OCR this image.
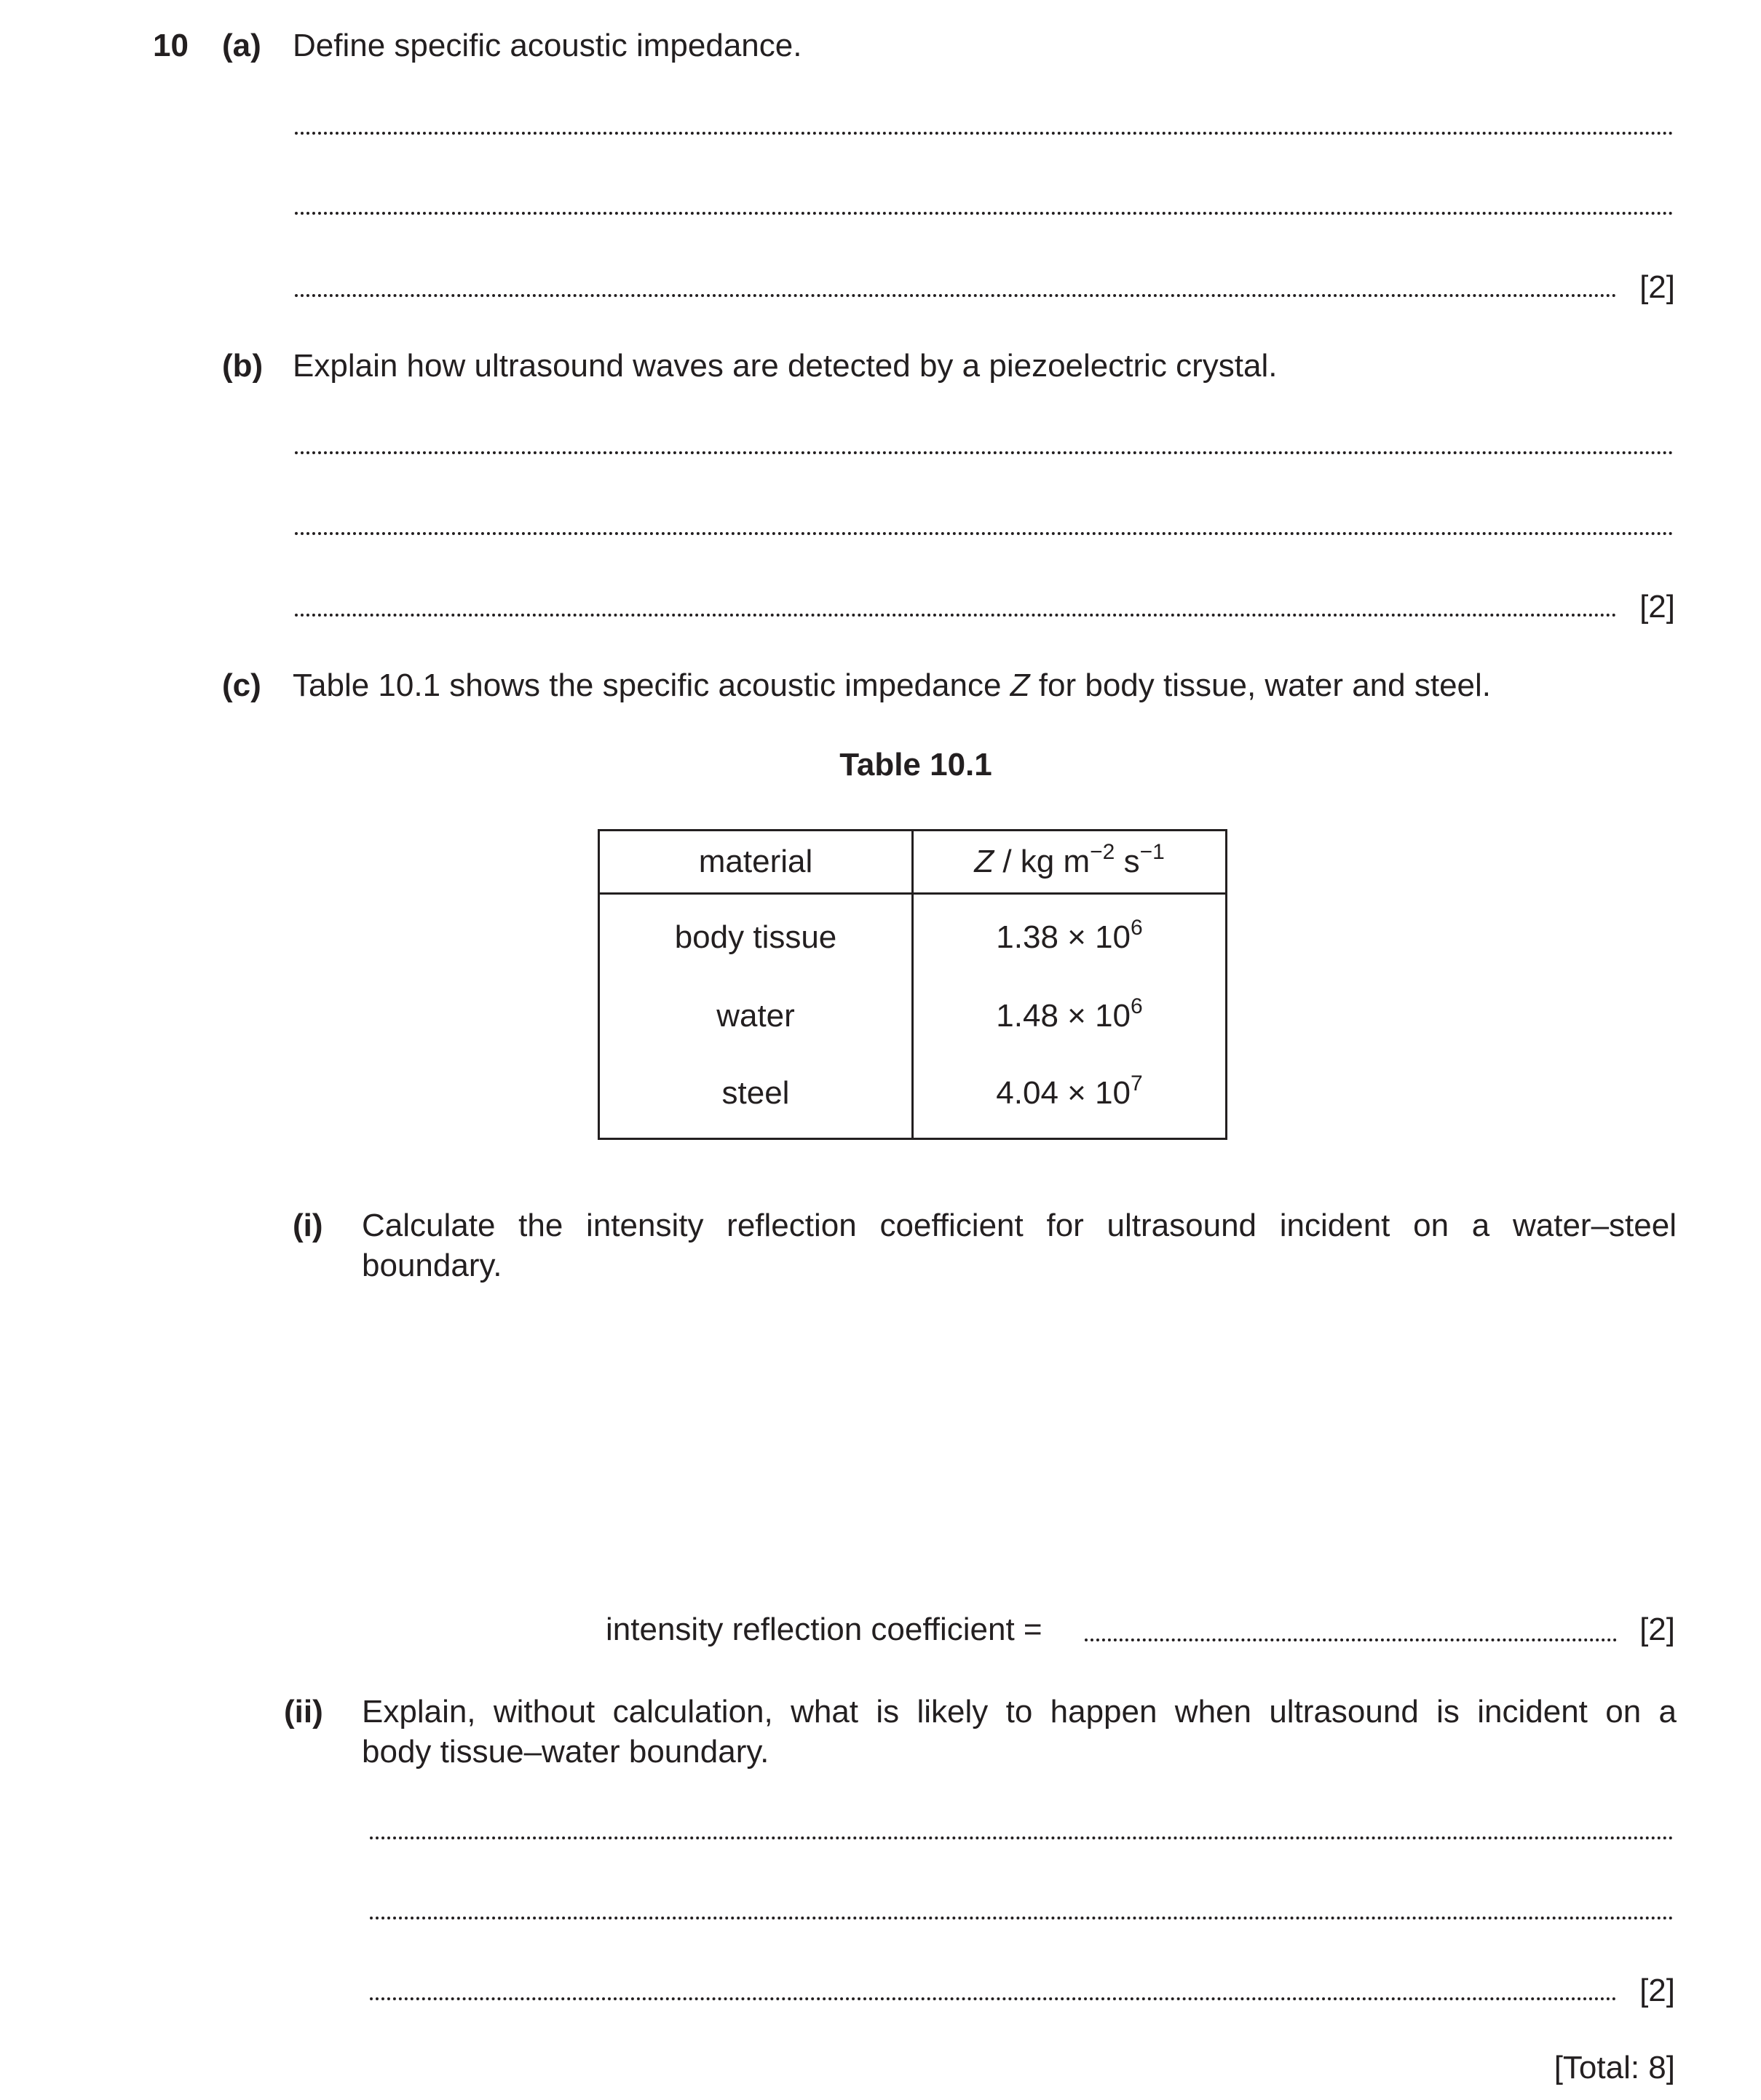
10 (a) Define specific acoustic impedance.
[2]
(b) Explain how ultrasound waves are detected by a piezoelectric crystal.
[2]
(c) Table 10.1 shows the specific acoustic impedance Z for body tissue, water and steel.
Table 10.1
material	Z / kg $m^{-2}$ $s^{-1}$
body tissue	$1.38 \times 10^6$
water	$1.48 \times 10^6$
steel	$4.04 \times 10^7$
(i) Calculate the intensity reflection coefficient for ultrasound incident on a water–steel
boundary.
intensity reflection coefficient =	[2]
(ii) Explain, without calculation, what is likely to happen when ultrasound is incident on a
body tissue–water boundary.
[2]
[Total: 8]
